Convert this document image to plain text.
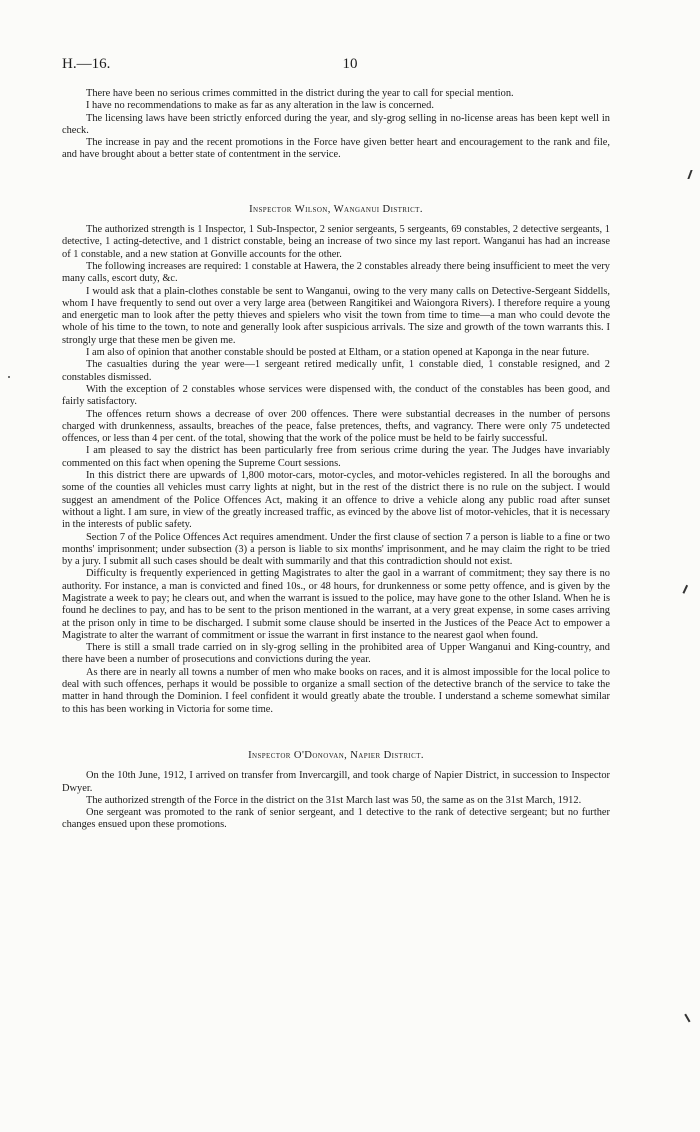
H.—16.	10

There have been no serious crimes committed in the district during the year to call for special mention.

I have no recommendations to make as far as any alteration in the law is concerned.

The licensing laws have been strictly enforced during the year, and sly-grog selling in no-license areas has been kept well in check.

The increase in pay and the recent promotions in the Force have given better heart and encouragement to the rank and file, and have brought about a better state of contentment in the service.

Inspector Wilson, Wanganui District.

The authorized strength is 1 Inspector, 1 Sub-Inspector, 2 senior sergeants, 5 sergeants, 69 constables, 2 detective sergeants, 1 detective, 1 acting-detective, and 1 district constable, being an increase of two since my last report. Wanganui has had an increase of 1 constable, and a new station at Gonville accounts for the other.

The following increases are required: 1 constable at Hawera, the 2 constables already there being insufficient to meet the very many calls, escort duty, &c.

I would ask that a plain-clothes constable be sent to Wanganui, owing to the very many calls on Detective-Sergeant Siddells, whom I have frequently to send out over a very large area (between Rangitikei and Waiongora Rivers). I therefore require a young and energetic man to look after the petty thieves and spielers who visit the town from time to time—a man who could devote the whole of his time to the town, to note and generally look after suspicious arrivals. The size and growth of the town warrants this. I strongly urge that these men be given me.

I am also of opinion that another constable should be posted at Eltham, or a station opened at Kaponga in the near future.

The casualties during the year were—1 sergeant retired medically unfit, 1 constable died, 1 constable resigned, and 2 constables dismissed.

With the exception of 2 constables whose services were dispensed with, the conduct of the constables has been good, and fairly satisfactory.

The offences return shows a decrease of over 200 offences. There were substantial decreases in the number of persons charged with drunkenness, assaults, breaches of the peace, false pretences, thefts, and vagrancy. There were only 75 undetected offences, or less than 4 per cent. of the total, showing that the work of the police must be held to be fairly successful.

I am pleased to say the district has been particularly free from serious crime during the year. The Judges have invariably commented on this fact when opening the Supreme Court sessions.

In this district there are upwards of 1,800 motor-cars, motor-cycles, and motor-vehicles registered. In all the boroughs and some of the counties all vehicles must carry lights at night, but in the rest of the district there is no rule on the subject. I would suggest an amendment of the Police Offences Act, making it an offence to drive a vehicle along any public road after sunset without a light. I am sure, in view of the greatly increased traffic, as evinced by the above list of motor-vehicles, that it is necessary in the interests of public safety.

Section 7 of the Police Offences Act requires amendment. Under the first clause of section 7 a person is liable to a fine or two months' imprisonment; under subsection (3) a person is liable to six months' imprisonment, and he may claim the right to be tried by a jury. I submit all such cases should be dealt with summarily and that this contradiction should not exist.

Difficulty is frequently experienced in getting Magistrates to alter the gaol in a warrant of commitment; they say there is no authority. For instance, a man is convicted and fined 10s., or 48 hours, for drunkenness or some petty offence, and is given by the Magistrate a week to pay; he clears out, and when the warrant is issued to the police, may have gone to the other Island. When he is found he declines to pay, and has to be sent to the prison mentioned in the warrant, at a very great expense, in some cases arriving at the prison only in time to be discharged. I submit some clause should be inserted in the Justices of the Peace Act to empower a Magistrate to alter the warrant of commitment or issue the warrant in first instance to the nearest gaol when found.

There is still a small trade carried on in sly-grog selling in the prohibited area of Upper Wanganui and King-country, and there have been a number of prosecutions and convictions during the year.

As there are in nearly all towns a number of men who make books on races, and it is almost impossible for the local police to deal with such offences, perhaps it would be possible to organize a small section of the detective branch of the service to take the matter in hand through the Dominion. I feel confident it would greatly abate the trouble. I understand a scheme somewhat similar to this has been working in Victoria for some time.

Inspector O'Donovan, Napier District.

On the 10th June, 1912, I arrived on transfer from Invercargill, and took charge of Napier District, in succession to Inspector Dwyer.

The authorized strength of the Force in the district on the 31st March last was 50, the same as on the 31st March, 1912.

One sergeant was promoted to the rank of senior sergeant, and 1 detective to the rank of detective sergeant; but no further changes ensued upon these promotions.
